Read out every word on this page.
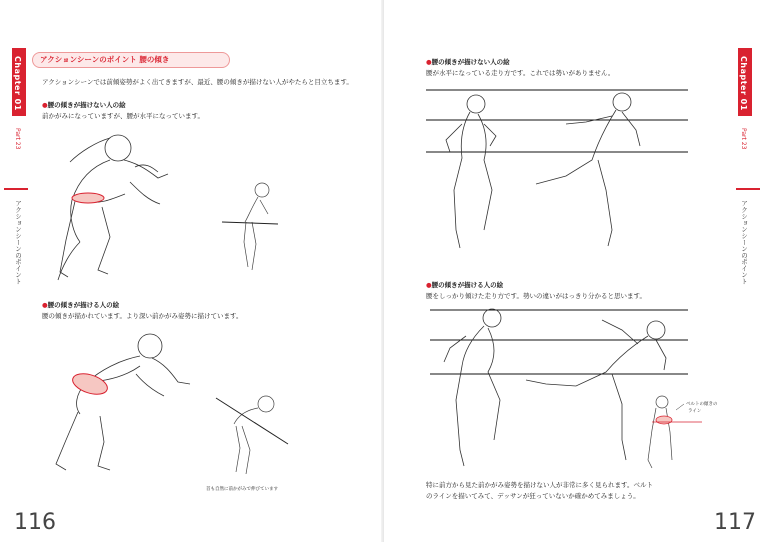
Chapter 01
Part 23
アクションシーンのポイント
アクションシーンのポイント 腰の傾き
アクションシーンでは前傾姿勢がよく出てきますが、最近、腰の傾きが描けない人がやたらと目立ちます。
●腰の傾きが描けない人の絵
前かがみになっていますが、腰が水平になっています。
●腰の傾きが描ける人の絵
腰の傾きが描かれています。より深い前かがみ姿勢に描けています。
首も自然に前かがみで伸びています
116
Chapter 01
Part 23
アクションシーンのポイント
●腰の傾きが描けない人の絵
腰が水平になっている走り方です。これでは勢いがありません。
●腰の傾きが描ける人の絵
腰をしっかり傾けた走り方です。勢いの違いがはっきり分かると思います。
ベルトの傾きの
ライン
特に前方から見た前かがみ姿勢を描けない人が非常に多く見られます。ベルト
のラインを描いてみて、デッサンが狂っていないか確かめてみましょう。
117
